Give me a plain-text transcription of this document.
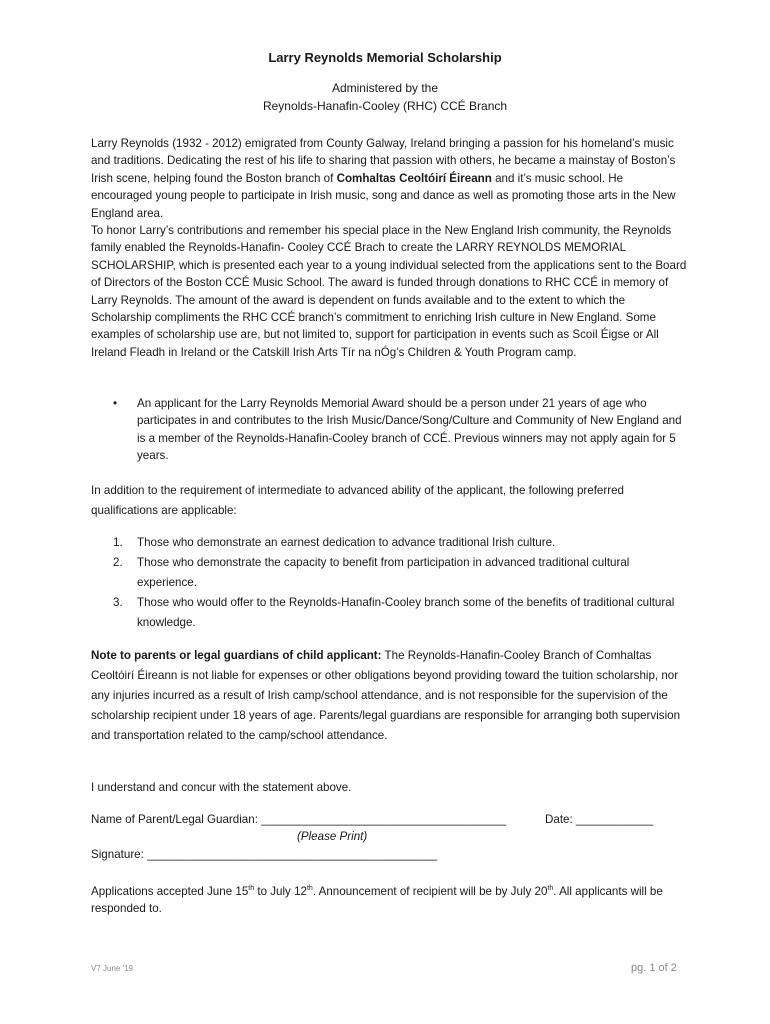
Larry Reynolds Memorial Scholarship
Administered by the
Reynolds-Hanafin-Cooley (RHC) CCÉ Branch

Larry Reynolds (1932 - 2012) emigrated from County Galway, Ireland bringing a passion for his homeland’s music and traditions. Dedicating the rest of his life to sharing that passion with others, he became a mainstay of Boston’s Irish scene, helping found the Boston branch of Comhaltas Ceoltóirí Éireann and it’s music school. He encouraged young people to participate in Irish music, song and dance as well as promoting those arts in the New England area.
To honor Larry’s contributions and remember his special place in the New England Irish community, the Reynolds family enabled the Reynolds-Hanafin- Cooley CCÉ Brach to create the LARRY REYNOLDS MEMORIAL SCHOLARSHIP, which is presented each year to a young individual selected from the applications sent to the Board of Directors of the Boston CCÉ Music School. The award is funded through donations to RHC CCÉ in memory of Larry Reynolds. The amount of the award is dependent on funds available and to the extent to which the Scholarship compliments the RHC CCÉ branch’s commitment to enriching Irish culture in New England. Some examples of scholarship use are, but not limited to, support for participation in events such as Scoil Éigse or All Ireland Fleadh in Ireland or the Catskill Irish Arts Tír na nÓg’s Children & Youth Program camp.

• An applicant for the Larry Reynolds Memorial Award should be a person under 21 years of age who participates in and contributes to the Irish Music/Dance/Song/Culture and Community of New England and is a member of the Reynolds-Hanafin-Cooley branch of CCÉ. Previous winners may not apply again for 5 years.

In addition to the requirement of intermediate to advanced ability of the applicant, the following preferred qualifications are applicable:

1. Those who demonstrate an earnest dedication to advance traditional Irish culture.
2. Those who demonstrate the capacity to benefit from participation in advanced traditional cultural experience.
3. Those who would offer to the Reynolds-Hanafin-Cooley branch some of the benefits of traditional cultural knowledge.

Note to parents or legal guardians of child applicant: The Reynolds-Hanafin-Cooley Branch of Comhaltas Ceoltóirí Éireann is not liable for expenses or other obligations beyond providing toward the tuition scholarship, nor any injuries incurred as a result of Irish camp/school attendance, and is not responsible for the supervision of the scholarship recipient under 18 years of age. Parents/legal guardians are responsible for arranging both supervision and transportation related to the camp/school attendance.

I understand and concur with the statement above.
Name of Parent/Legal Guardian: ______________________________________	Date: ____________
(Please Print)
Signature: _____________________________________________

Applications accepted June 15th to July 12th. Announcement of recipient will be by July 20th. All applicants will be responded to.

V7 June '19	pg. 1 of 2
